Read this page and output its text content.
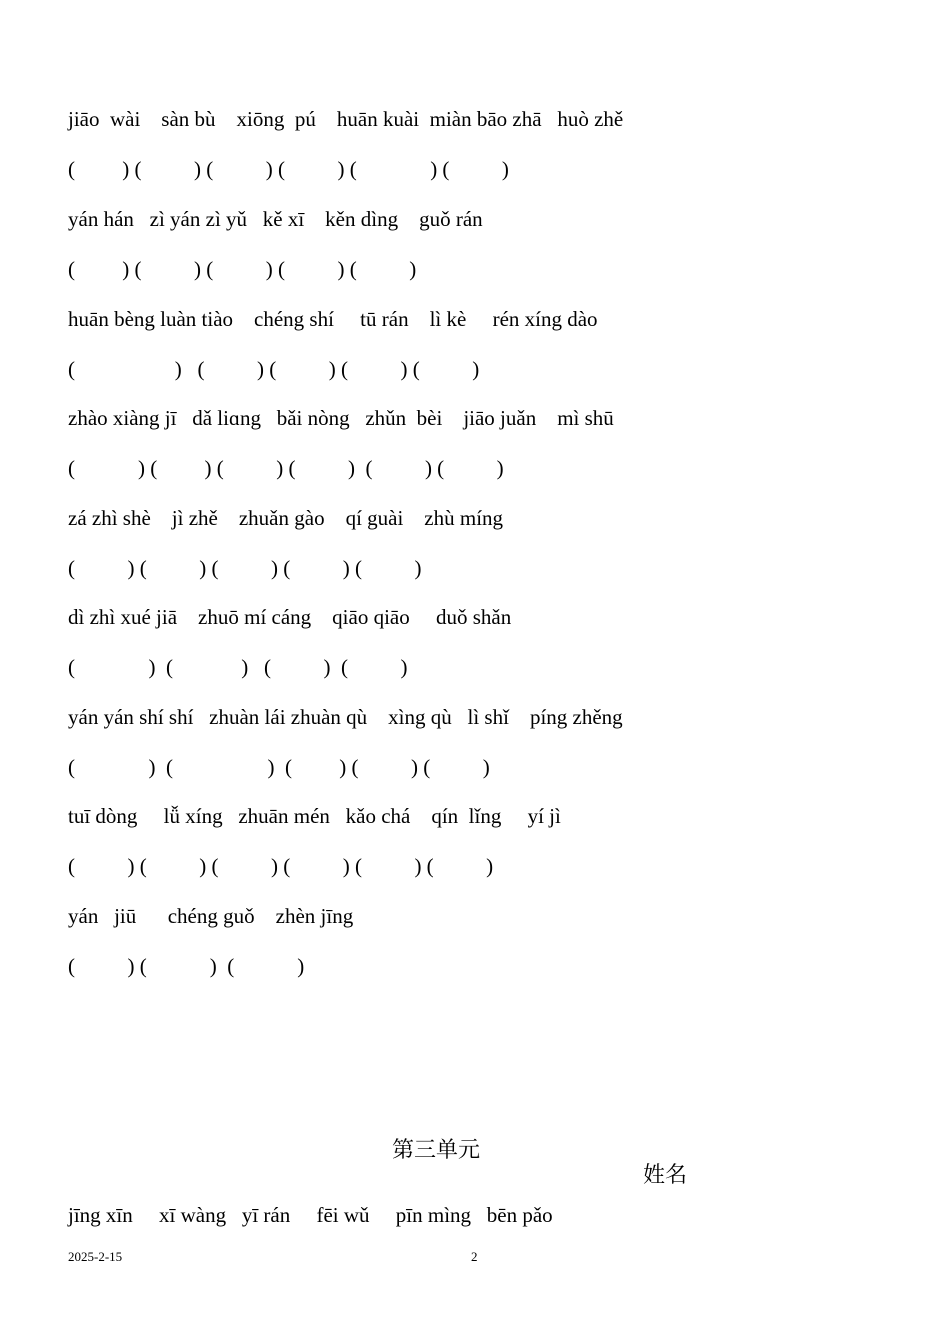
jiāo  wài    sàn bù    xiōng  pú    huān kuài  miàn bāo zhā   huò zhě
(         ) (          ) (          ) (          ) (              ) (          )
yán hán   zì yán zì yǔ   kě xī    kěn dìng    guǒ rán
(         ) (          ) (          ) (          ) (          )
huān bèng luàn tiào    chéng shí     tū rán    lì kè     rén xíng dào
(                   )   (          ) (          ) (          ) (          )
zhào xiàng jī   dǎ liɑng   bǎi nòng   zhǔn  bèi    jiāo juǎn    mì shū
(            ) (         ) (          ) (          )  (          ) (          )
zá zhì shè    jì zhě    zhuǎn gào    qí guài    zhù míng
(          ) (          ) (          ) (          ) (          )
dì zhì xué jiā    zhuō mí cáng    qiāo qiāo     duǒ shǎn
(              )  (             )   (          )  (          )
yán yán shí shí   zhuàn lái zhuàn qù    xìng qù   lì shǐ    píng zhěng
(              )  (                  )  (         ) (          ) (          )
tuī dòng     lǚ xíng   zhuān mén   kǎo chá    qín  lǐng     yí jì
(          ) (          ) (          ) (          ) (          ) (          )
yán   jiū      chéng guǒ    zhèn jīng
(          ) (            )  (            )
第三单元
姓名
jīng xīn     xī wàng   yī rán     fēi wǔ     pīn mìng   bēn pǎo
2025-2-15	2
